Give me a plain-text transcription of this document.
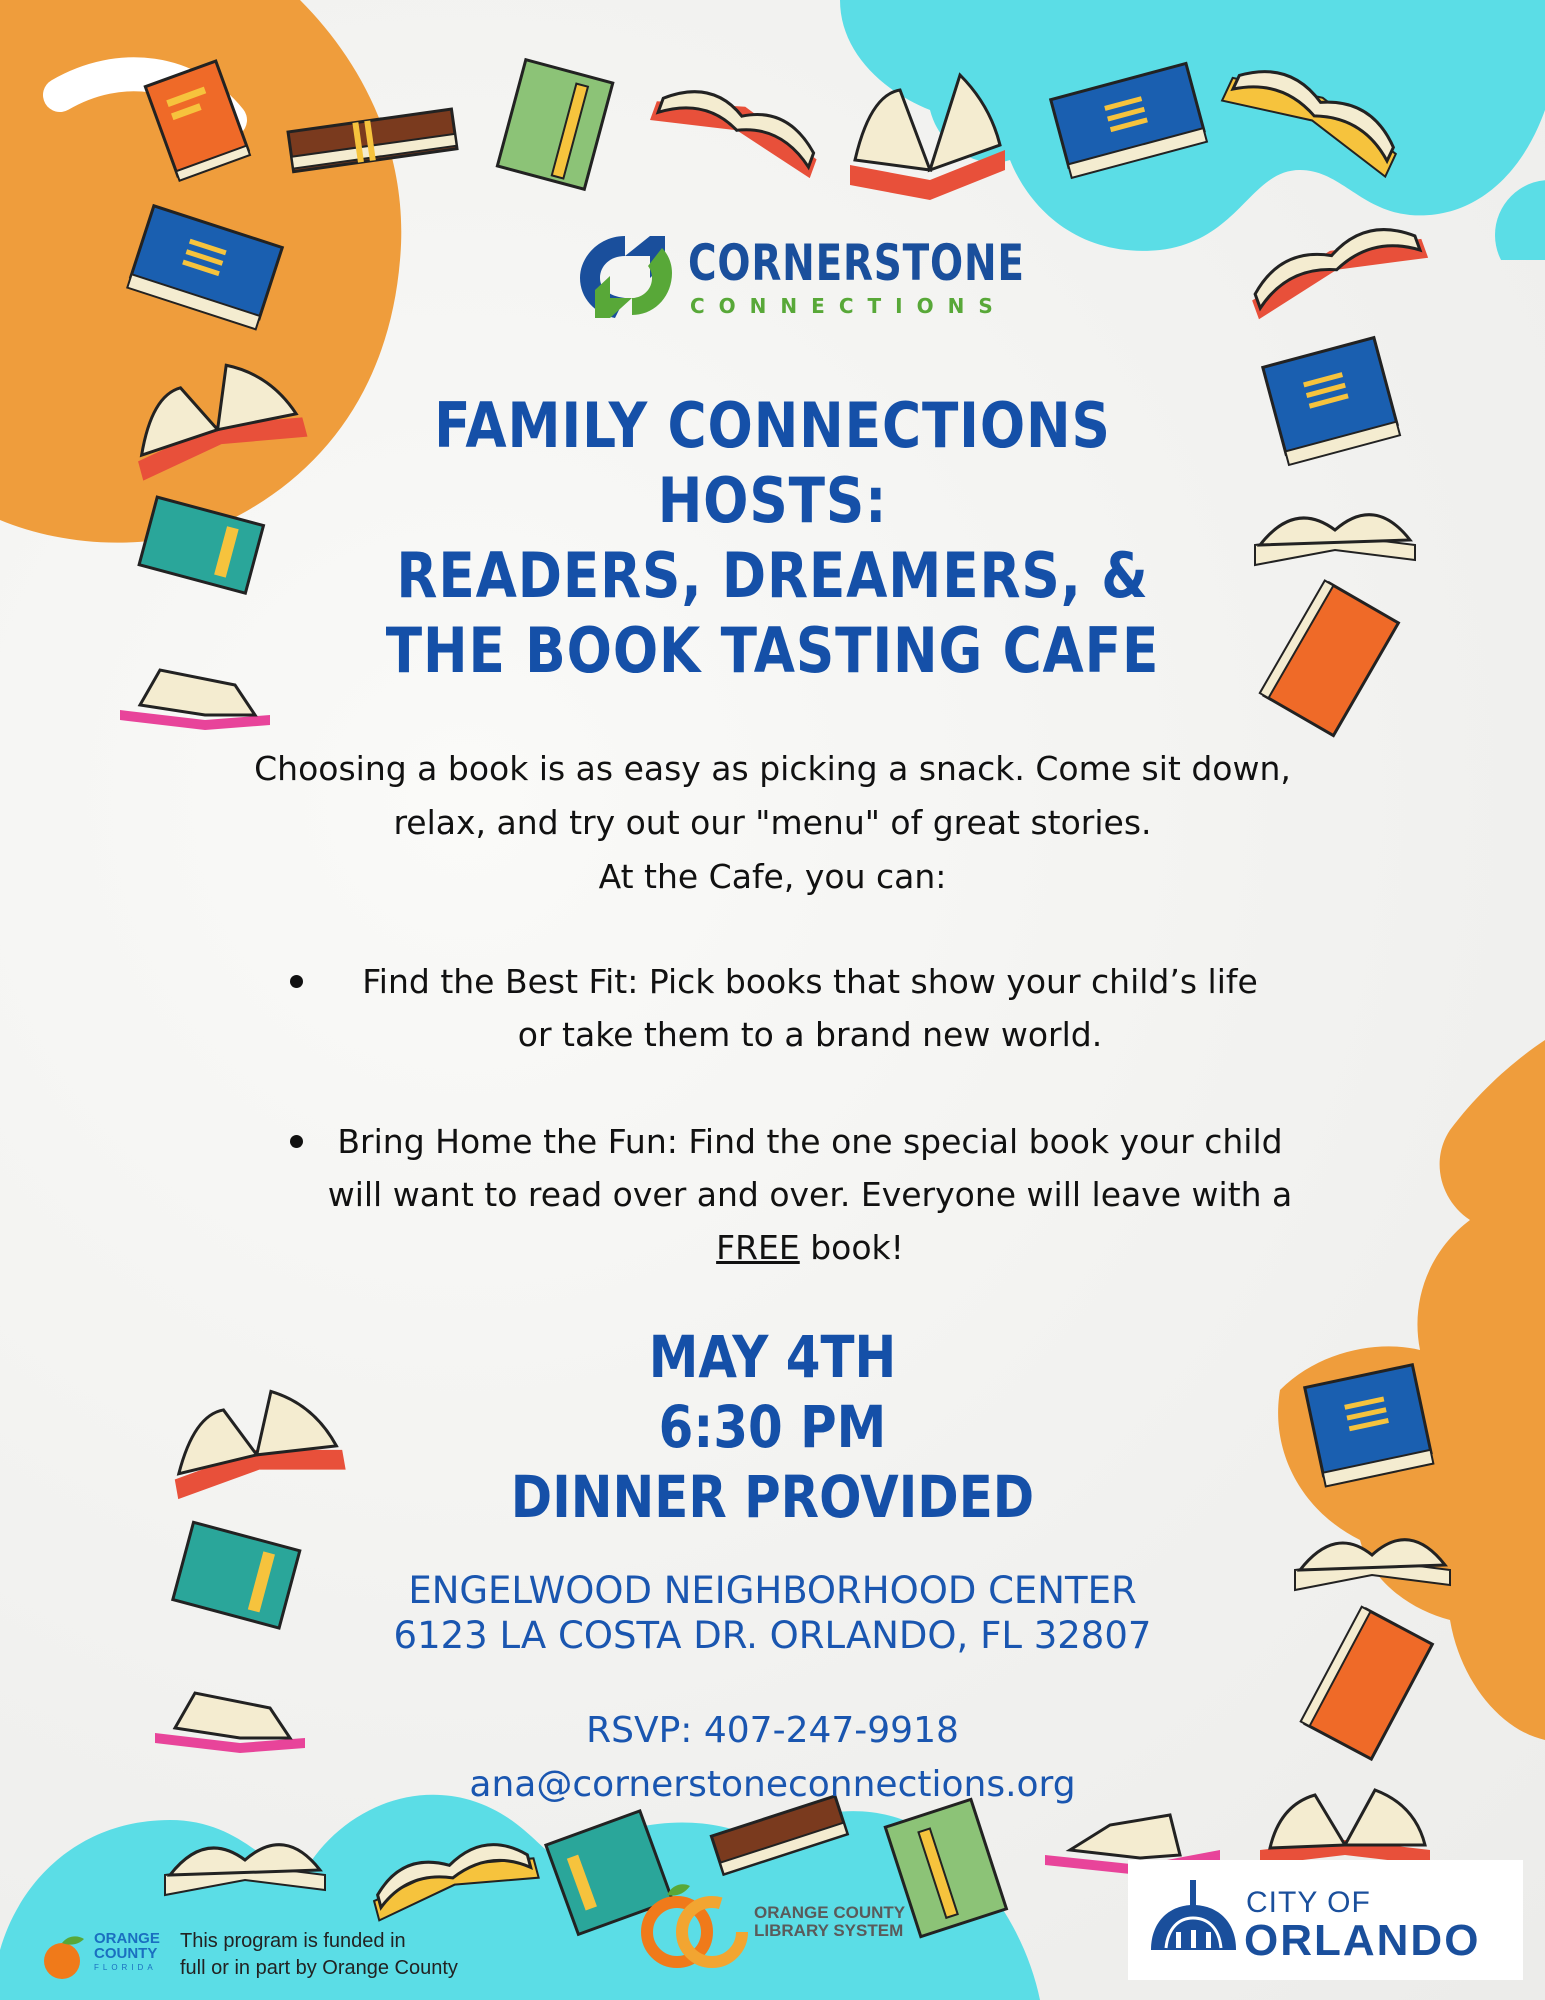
CORNERSTONE
CONNECTIONS
FAMILY CONNECTIONS
HOSTS:
READERS, DREAMERS, &
THE BOOK TASTING CAFE
Choosing a book is as easy as picking a snack. Come sit down,
relax, and try out our "menu" of great stories.
At the Cafe, you can:
Find the Best Fit: Pick books that show your child’s life
or take them to a brand new world.
Bring Home the Fun: Find the one special book your child
will want to read over and over. Everyone will leave with a
FREE book!
MAY 4TH
6:30 PM
DINNER PROVIDED
ENGELWOOD NEIGHBORHOOD CENTER
6123 LA COSTA DR. ORLANDO, FL 32807
RSVP: 407-247-9918
ana@cornerstoneconnections.org
ORANGE
COUNTY
FLORIDA
This program is funded in
full or in part by Orange County
ORANGE COUNTY
LIBRARY SYSTEM
CITY OF
ORLANDO
